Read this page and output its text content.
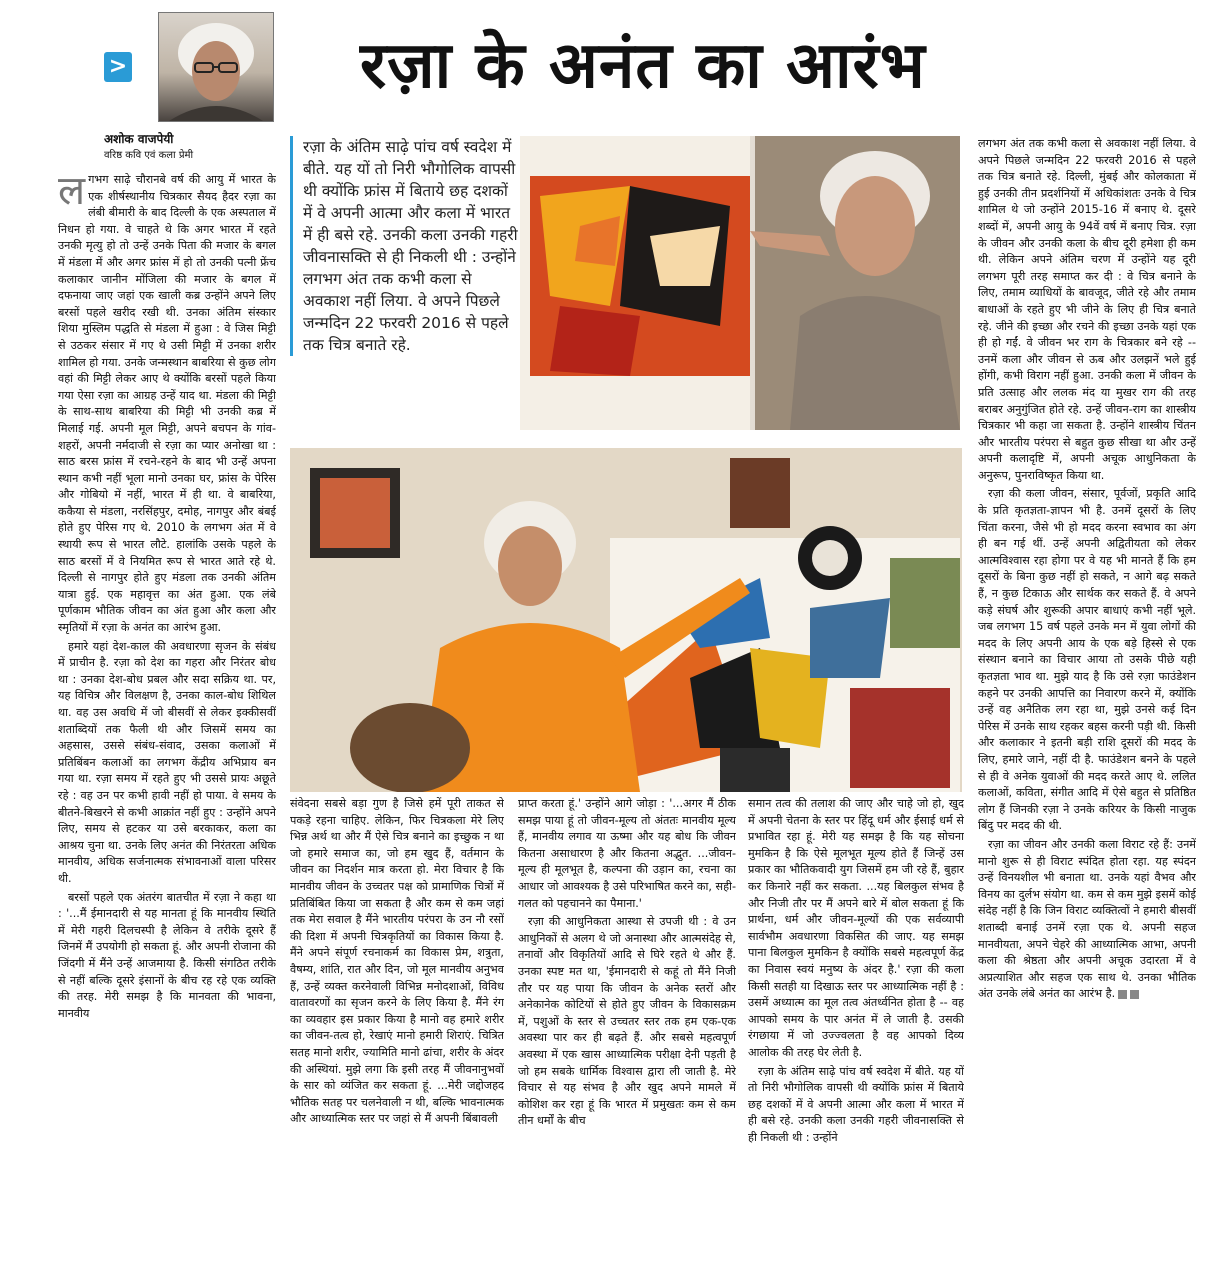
>
अशोक वाजपेयी
वरिष्ठ कवि एवं कला प्रेमी
रज़ा के अनंत का आरंभ
रज़ा के अंतिम साढ़े पांच वर्ष स्वदेश में बीते. यह यों तो निरी भौगोलिक वापसी थी क्योंकि फ्रांस में बिताये छह दशकों में वे अपनी आत्मा और कला में भारत में ही बसे रहे. उनकी कला उनकी गहरी जीवनासक्ति से ही निकली थी : उन्होंने लगभग अंत तक कभी कला से अवकाश नहीं लिया. वे अपने पिछले जन्मदिन 22 फरवरी 2016 से पहले तक चित्र बनाते रहे.

ल गभग साढ़े चौरानबे वर्ष की आयु में भारत के एक शीर्षस्थानीय चित्रकार सैयद हैदर रज़ा का लंबी बीमारी के बाद दिल्ली के एक अस्पताल में निधन हो गया. वे चाहते थे कि अगर भारत में रहते उनकी मृत्यु हो तो उन्हें उनके पिता की मजार के बगल में मंडला में और अगर फ्रांस में हो तो उनकी पत्नी फ्रेंच कलाकार जानीन मोंजिला की मजार के बगल में दफनाया जाए जहां एक खाली कब्र उन्होंने अपने लिए बरसों पहले खरीद रखी थी. उनका अंतिम संस्कार शिया मुस्लिम पद्धति से मंडला में हुआ : वे जिस मिट्टी से उठकर संसार में गए थे उसी मिट्टी में उनका शरीर शामिल हो गया. उनके जन्मस्थान बाबरिया से कुछ लोग वहां की मिट्टी लेकर आए थे क्योंकि बरसों पहले किया गया ऐसा रज़ा का आग्रह उन्हें याद था. मंडला की मिट्टी के साथ-साथ बाबरिया की मिट्टी भी उनकी कब्र में मिलाई गई. अपनी मूल मिट्टी, अपने बचपन के गांव-शहरों, अपनी नर्मदाजी से रज़ा का प्यार अनोखा था : साठ बरस फ्रांस में रचने-रहने के बाद भी उन्हें अपना स्थान कभी नहीं भूला मानो उनका घर, फ्रांस के पेरिस और गोबियो में नहीं, भारत में ही था. वे बाबरिया, ककैया से मंडला, नरसिंहपुर, दमोह, नागपुर और बंबई होते हुए पेरिस गए थे. 2010 के लगभग अंत में वे स्थायी रूप से भारत लौटे. हालांकि उसके पहले के साठ बरसों में वे नियमित रूप से भारत आते रहे थे. दिल्ली से नागपुर होते हुए मंडला तक उनकी अंतिम यात्रा हुई. एक महावृत्त का अंत हुआ. एक लंबे पूर्णकाम भौतिक जीवन का अंत हुआ और कला और स्मृतियों में रज़ा के अनंत का आरंभ हुआ.

हमारे यहां देश-काल की अवधारणा सृजन के संबंध में प्राचीन है. रज़ा को देश का गहरा और निरंतर बोध था : उनका देश-बोध प्रबल और सदा सक्रिय था. पर, यह विचित्र और विलक्षण है, उनका काल-बोध शिथिल था. वह उस अवधि में जो बीसवीं से लेकर इक्कीसवीं शताब्दियों तक फैली थी और जिसमें समय का अहसास, उससे संबंध-संवाद, उसका कलाओं में प्रतिबिंबन कलाओं का लगभग केंद्रीय अभिप्राय बन गया था. रज़ा समय में रहते हुए भी उससे प्रायः अछूते रहे : वह उन पर कभी हावी नहीं हो पाया. वे समय के बीतने-बिखरने से कभी आक्रांत नहीं हुए : उन्होंने अपने लिए, समय से हटकर या उसे बरकाकर, कला का आश्रय चुना था. उनके लिए अनंत की निरंतरता अधिक मानवीय, अधिक सर्जनात्मक संभावनाओं वाला परिसर थी.

बरसों पहले एक अंतरंग बातचीत में रज़ा ने कहा था : '...मैं ईमानदारी से यह मानता हूं कि मानवीय स्थिति में मेरी गहरी दिलचस्पी है लेकिन वे तरीके दूसरे हैं जिनमें मैं उपयोगी हो सकता हूं. और अपनी रोजाना की जिंदगी में मैंने उन्हें आजमाया है. किसी संगठित तरीके से नहीं बल्कि दूसरे इंसानों के बीच रह रहे एक व्यक्ति की तरह. मेरी समझ है कि मानवता की भावना, मानवीय

संवेदना सबसे बड़ा गुण है जिसे हमें पूरी ताकत से पकड़े रहना चाहिए. लेकिन, फिर चित्रकला मेरे लिए भिन्न अर्थ था और मैं ऐसे चित्र बनाने का इच्छुक न था जो हमारे समाज का, जो हम खुद हैं, वर्तमान के जीवन का निदर्शन मात्र करता हो. मेरा विचार है कि मानवीय जीवन के उच्चतर पक्ष को प्रामाणिक चित्रों में प्रतिबिंबित किया जा सकता है और कम से कम जहां तक मेरा सवाल है मैंने भारतीय परंपरा के उन नौ रसों की दिशा में अपनी चित्रकृतियों का विकास किया है. मैंने अपने संपूर्ण रचनाकर्म का विकास प्रेम, शत्रुता, वैषम्य, शांति, रात और दिन, जो मूल मानवीय अनुभव हैं, उन्हें व्यक्त करनेवाली विभिन्न मनोदशाओं, विविध वातावरणों का सृजन करने के लिए किया है. मैंने रंग का व्यवहार इस प्रकार किया है मानो वह हमारे शरीर का जीवन-तत्व हो, रेखाएं मानो हमारी शिराएं. चित्रित सतह मानो शरीर, ज्यामिति मानो ढांचा, शरीर के अंदर की अस्थियां. मुझे लगा कि इसी तरह मैं जीवनानुभवों के सार को व्यंजित कर सकता हूं. ...मेरी जद्दोजहद भौतिक सतह पर चलनेवाली न थी, बल्कि भावनात्मक और आध्यात्मिक स्तर पर जहां से मैं अपनी बिंबावली

प्राप्त करता हूं.' उन्होंने आगे जोड़ा : '...अगर मैं ठीक समझ पाया हूं तो जीवन-मूल्य तो अंततः मानवीय मूल्य हैं, मानवीय लगाव या ऊष्मा और यह बोध कि जीवन कितना असाधारण है और कितना अद्भुत. ...जीवन-मूल्य ही मूलभूत है, कल्पना की उड़ान का, रचना का आधार जो आवश्यक है उसे परिभाषित करने का, सही-गलत को पहचानने का पैमाना.'

रज़ा की आधुनिकता आस्था से उपजी थी : वे उन आधुनिकों से अलग थे जो अनास्था और आत्मसंदेह से, तनावों और विकृतियों आदि से घिरे रहते थे और हैं. उनका स्पष्ट मत था, 'ईमानदारी से कहूं तो मैंने निजी तौर पर यह पाया कि जीवन के अनेक स्तरों और अनेकानेक कोटियों से होते हुए जीवन के विकासक्रम में, पशुओं के स्तर से उच्चतर स्तर तक हम एक-एक अवस्था पार कर ही बढ़ते हैं. और सबसे महत्वपूर्ण अवस्था में एक खास आध्यात्मिक परीक्षा देनी पड़ती है जो हम सबके धार्मिक विश्वास द्वारा ली जाती है. मेरे विचार से यह संभव है और खुद अपने मामले में कोशिश कर रहा हूं कि भारत में प्रमुखतः कम से कम तीन धर्मों के बीच

समान तत्व की तलाश की जाए और चाहे जो हो, खुद में अपनी चेतना के स्तर पर हिंदू धर्म और ईसाई धर्म से प्रभावित रहा हूं. मेरी यह समझ है कि यह सोचना मुमकिन है कि ऐसे मूलभूत मूल्य होते हैं जिन्हें उस प्रकार का भौतिकवादी युग जिसमें हम जी रहे हैं, बुहार कर किनारे नहीं कर सकता. ...यह बिलकुल संभव है और निजी तौर पर मैं अपने बारे में बोल सकता हूं कि प्रार्थना, धर्म और जीवन-मूल्यों की एक सर्वव्यापी सार्वभौम अवधारणा विकसित की जाए. यह समझ पाना बिलकुल मुमकिन है क्योंकि सबसे महत्वपूर्ण केंद्र का निवास स्वयं मनुष्य के अंदर है.' रज़ा की कला किसी सतही या दिखाऊ स्तर पर आध्यात्मिक नहीं है : उसमें अध्यात्म का मूल तत्व अंतर्ध्वनित होता है -- वह आपको समय के पार अनंत में ले जाती है. उसकी रंगछाया में जो उज्ज्वलता है वह आपको दिव्य आलोक की तरह घेर लेती है.

रज़ा के अंतिम साढ़े पांच वर्ष स्वदेश में बीते. यह यों तो निरी भौगोलिक वापसी थी क्योंकि फ्रांस में बिताये छह दशकों में वे अपनी आत्मा और कला में भारत में ही बसे रहे. उनकी कला उनकी गहरी जीवनासक्ति से ही निकली थी : उन्होंने

लगभग अंत तक कभी कला से अवकाश नहीं लिया. वे अपने पिछले जन्मदिन 22 फरवरी 2016 से पहले तक चित्र बनाते रहे. दिल्ली, मुंबई और कोलकाता में हुई उनकी तीन प्रदर्शनियों में अधिकांशतः उनके वे चित्र शामिल थे जो उन्होंने 2015-16 में बनाए थे. दूसरे शब्दों में, अपनी आयु के 94वें वर्ष में बनाए चित्र. रज़ा के जीवन और उनकी कला के बीच दूरी हमेशा ही कम थी. लेकिन अपने अंतिम चरण में उन्होंने यह दूरी लगभग पूरी तरह समाप्त कर दी : वे चित्र बनाने के लिए, तमाम व्याधियों के बावजूद, जीते रहे और तमाम बाधाओं के रहते हुए भी जीने के लिए ही चित्र बनाते रहे. जीने की इच्छा और रचने की इच्छा उनके यहां एक ही हो गईं. वे जीवन भर राग के चित्रकार बने रहे -- उनमें कला और जीवन से ऊब और उलझनें भले हुई होंगी, कभी विराग नहीं हुआ. उनकी कला में जीवन के प्रति उत्साह और ललक मंद या मुखर राग की तरह बराबर अनुगुंजित होते रहे. उन्हें जीवन-राग का शास्त्रीय चित्रकार भी कहा जा सकता है. उन्होंने शास्त्रीय चिंतन और भारतीय परंपरा से बहुत कुछ सीखा था और उन्हें अपनी कलादृष्टि में, अपनी अचूक आधुनिकता के अनुरूप, पुनराविष्कृत किया था.

रज़ा की कला जीवन, संसार, पूर्वजों, प्रकृति आदि के प्रति कृतज्ञता-ज्ञापन भी है. उनमें दूसरों के लिए चिंता करना, जैसे भी हो मदद करना स्वभाव का अंग ही बन गई थीं. उन्हें अपनी अद्वितीयता को लेकर आत्मविश्वास रहा होगा पर वे यह भी मानते हैं कि हम दूसरों के बिना कुछ नहीं हो सकते, न आगे बढ़ सकते हैं, न कुछ टिकाऊ और सार्थक कर सकते हैं. वे अपने कड़े संघर्ष और शुरूकी अपार बाधाएं कभी नहीं भूले. जब लगभग 15 वर्ष पहले उनके मन में युवा लोगों की मदद के लिए अपनी आय के एक बड़े हिस्से से एक संस्थान बनाने का विचार आया तो उसके पीछे यही कृतज्ञता भाव था. मुझे याद है कि उसे रज़ा फाउंडेशन कहने पर उनकी आपत्ति का निवारण करने में, क्योंकि उन्हें वह अनैतिक लग रहा था, मुझे उनसे कई दिन पेरिस में उनके साथ रहकर बहस करनी पड़ी थी. किसी और कलाकार ने इतनी बड़ी राशि दूसरों की मदद के लिए, हमारे जाने, नहीं दी है. फाउंडेशन बनने के पहले से ही वे अनेक युवाओं की मदद करते आए थे. ललित कलाओं, कविता, संगीत आदि में ऐसे बहुत से प्रतिष्ठित लोग हैं जिनकी रज़ा ने उनके करियर के किसी नाजुक बिंदु पर मदद की थी.

रज़ा का जीवन और उनकी कला विराट रहे हैं: उनमें मानो शुरू से ही विराट स्पंदित होता रहा. यह स्पंदन उन्हें विनयशील भी बनाता था. उनके यहां वैभव और विनय का दुर्लभ संयोग था. कम से कम मुझे इसमें कोई संदेह नहीं है कि जिन विराट व्यक्तित्वों ने हमारी बीसवीं शताब्दी बनाई उनमें रज़ा एक थे. अपनी सहज मानवीयता, अपने चेहरे की आध्यात्मिक आभा, अपनी कला की श्रेष्ठता और अपनी अचूक उदारता में वे अप्रत्याशित और सहज एक साथ थे. उनका भौतिक अंत उनके लंबे अनंत का आरंभ है.
